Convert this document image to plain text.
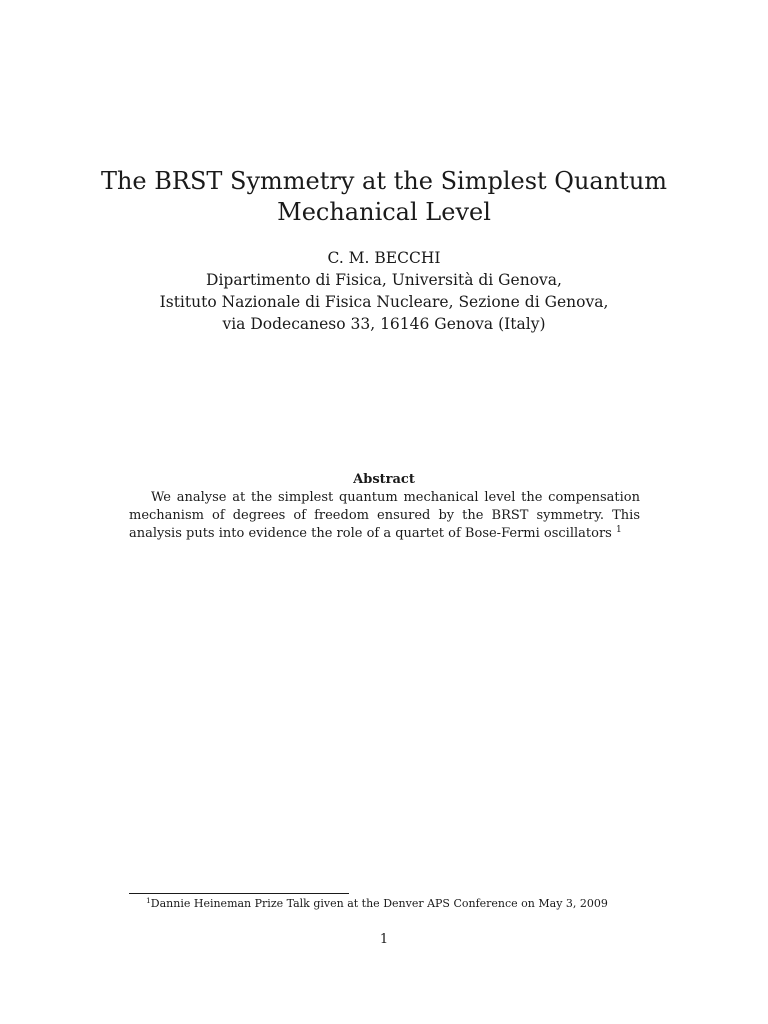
The BRST Symmetry at the Simplest Quantum Mechanical Level
C. M. BECCHI
Dipartimento di Fisica, Università di Genova,
Istituto Nazionale di Fisica Nucleare, Sezione di Genova,
via Dodecaneso 33, 16146 Genova (Italy)
Abstract

We analyse at the simplest quantum mechanical level the compensation mechanism of degrees of freedom ensured by the BRST symmetry. This analysis puts into evidence the role of a quartet of Bose-Fermi oscillators $^1$

$^1$Dannie Heineman Prize Talk given at the Denver APS Conference on May 3, 2009
1
